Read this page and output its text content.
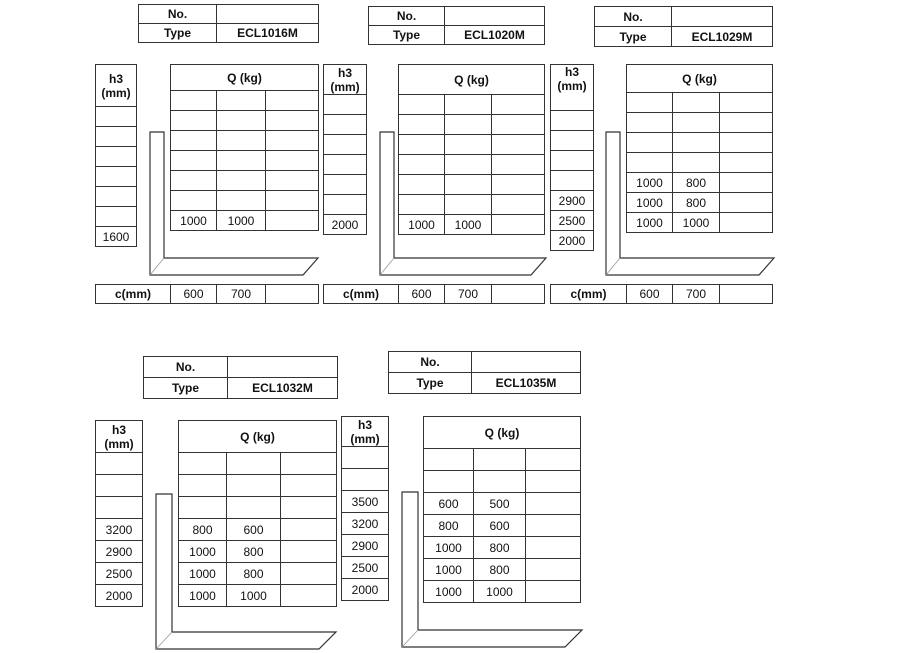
No.	
Type	ECL1016M
h3
(mm)

1600
Q (kg)		

1000	1000	
c(mm)	600	700	
No.	
Type	ECL1020M
h3
(mm)

2000
Q (kg)		

1000	1000	
c(mm)	600	700	
No.	
Type	ECL1029M
h3
(mm)

2900
2500
2000
Q (kg)		

1000	800	
1000	800	
1000	1000	
c(mm)	600	700	
No.	
Type	ECL1032M
h3
(mm)

3200
2900
2500
2000
Q (kg)		

800	600	
1000	800	
1000	800	
1000	1000	
No.	
Type	ECL1035M
h3
(mm)

3500
3200
2900
2500
2000
Q (kg)		

600	500	
800	600	
1000	800	
1000	800	
1000	1000	
